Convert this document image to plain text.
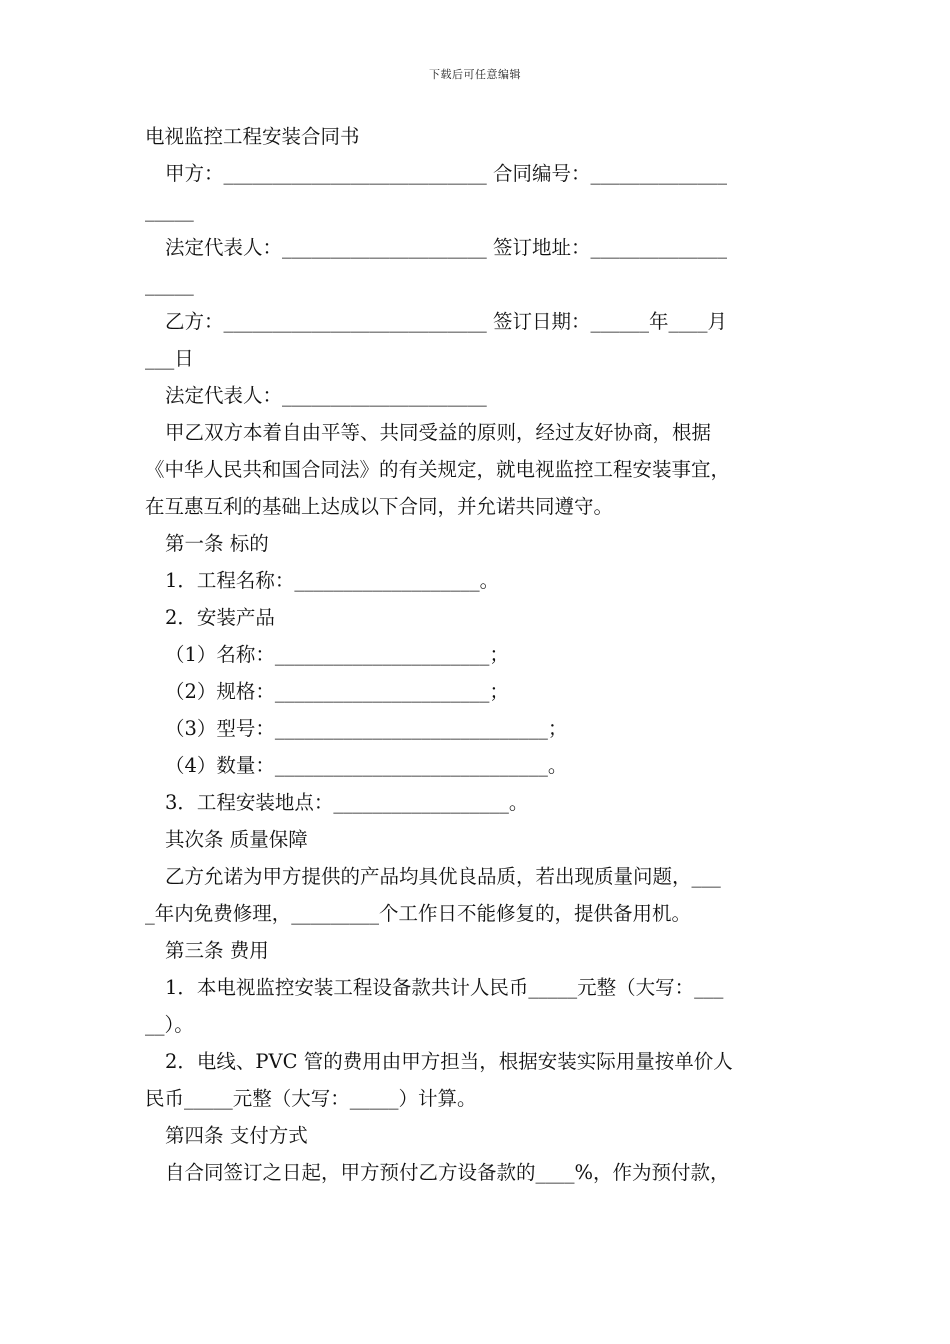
下载后可任意编辑
电视监控工程安装合同书
甲方：___________________________ 合同编号：______________
_____
法定代表人：_____________________ 签订地址：______________
_____
乙方：___________________________ 签订日期：______年____月
___日
法定代表人：_____________________
甲乙双方本着自由平等、共同受益的原则，经过友好协商，根据
《中华人民共和国合同法》的有关规定，就电视监控工程安装事宜，
在互惠互利的基础上达成以下合同，并允诺共同遵守。
第一条 标的
1．工程名称：___________________。
2．安装产品
（1）名称：______________________；
（2）规格：______________________；
（3）型号：____________________________；
（4）数量：____________________________。
3．工程安装地点：__________________。
其次条 质量保障
乙方允诺为甲方提供的产品均具优良品质，若出现质量问题，___
_年内免费修理，_________个工作日不能修复的，提供备用机。
第三条 费用
1．本电视监控安装工程设备款共计人民币_____元整（大写：___
__）。
2．电线、PVC 管的费用由甲方担当，根据安装实际用量按单价人
民币_____元整（大写：_____）计算。
第四条 支付方式
自合同签订之日起，甲方预付乙方设备款的____%，作为预付款，
